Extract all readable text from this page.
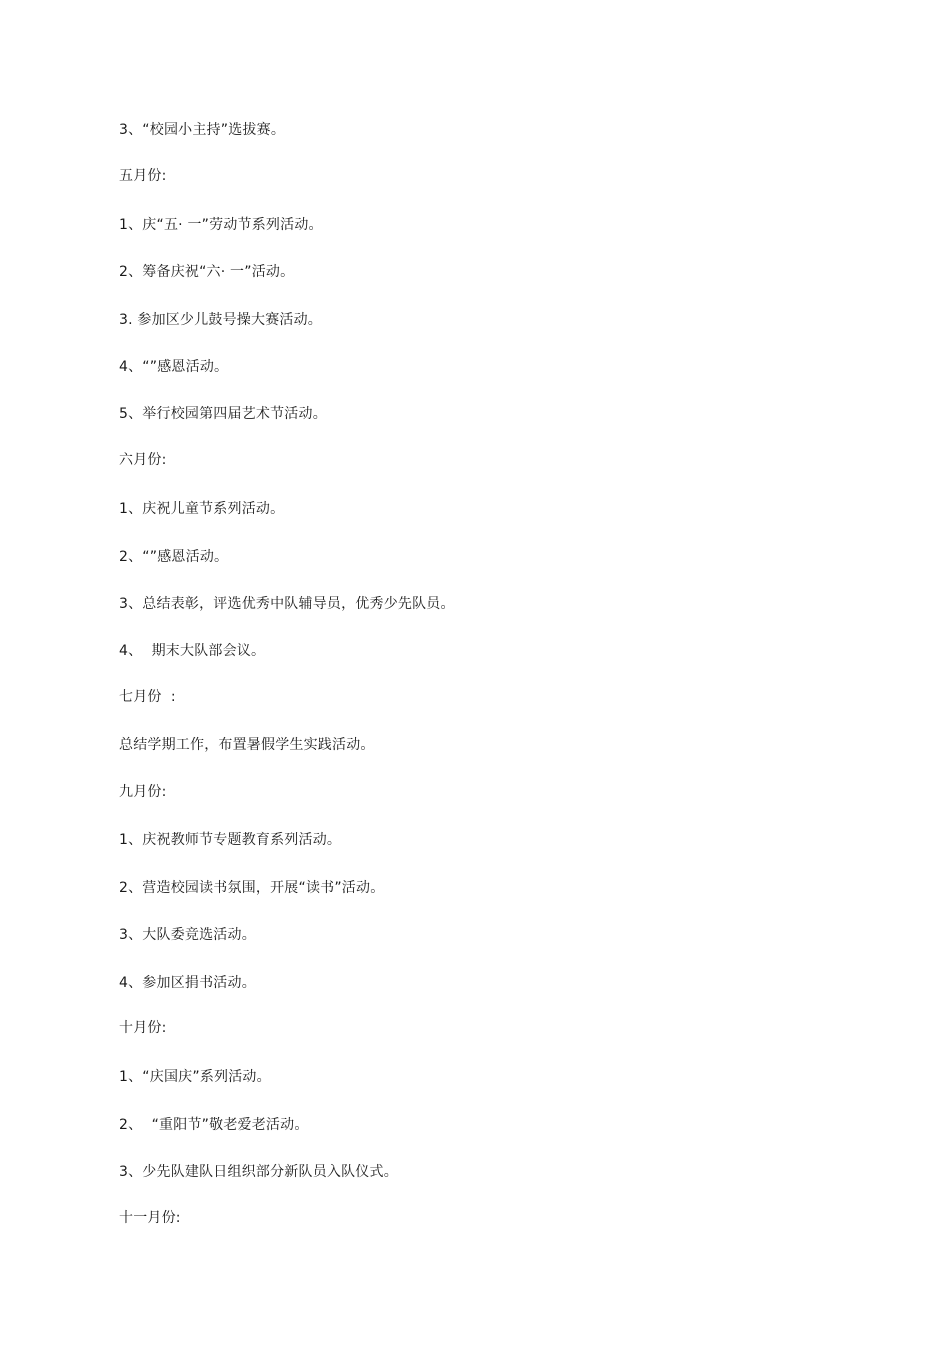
3、“校园小主持”选拔赛。
五月份:
1、庆“五· 一”劳动节系列活动。
2、筹备庆祝“六· 一”活动。
3. 参加区少儿鼓号操大赛活动。
4、“”感恩活动。
5、举行校园第四届艺术节活动。
六月份:
1、庆祝儿童节系列活动。
2、“”感恩活动。
3、总结表彰，评选优秀中队辅导员，优秀少先队员。
4、  期末大队部会议。
七月份  :
总结学期工作，布置暑假学生实践活动。
九月份:
1、庆祝教师节专题教育系列活动。
2、营造校园读书氛围，开展“读书”活动。
3、大队委竞选活动。
4、参加区捐书活动。
十月份:
1、“庆国庆”系列活动。
2、  “重阳节”敬老爱老活动。
3、少先队建队日组织部分新队员入队仪式。
十一月份:
